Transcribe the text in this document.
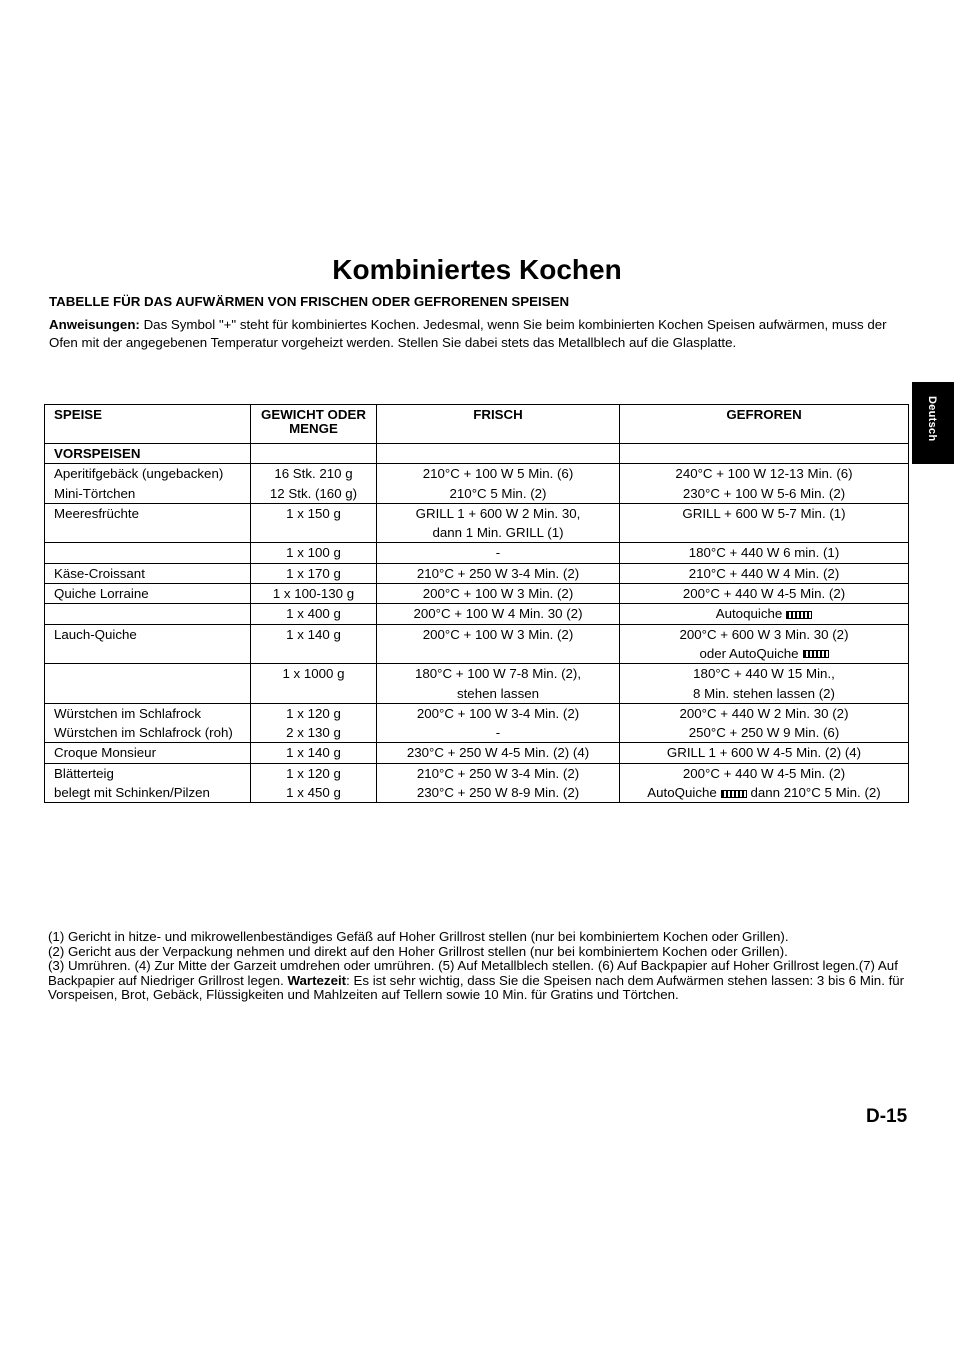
Kombiniertes Kochen
TABELLE FÜR DAS AUFWÄRMEN VON FRISCHEN ODER GEFRORENEN SPEISEN

Anweisungen: Das Symbol "+" steht für kombiniertes Kochen. Jedesmal, wenn Sie beim kombinierten Kochen Speisen aufwärmen, muss der Ofen mit der angegebenen Temperatur vorgeheizt werden. Stellen Sie dabei stets das Metallblech auf die Glasplatte.

Deutsch
SPEISE	GEWICHT ODER MENGE	FRISCH	GEFROREN
VORSPEISEN			
Aperitifgebäck (ungebacken)	16 Stk. 210 g	210°C + 100 W 5 Min. (6)	240°C + 100 W 12-13 Min. (6)
Mini-Törtchen	12 Stk. (160 g)	210°C 5 Min. (2)	230°C + 100 W 5-6 Min. (2)
Meeresfrüchte	1 x 150 g	GRILL 1 + 600 W 2 Min. 30,	GRILL + 600 W 5-7 Min. (1)
		dann 1 Min. GRILL (1)	
	1 x 100 g	-	180°C + 440 W 6 min. (1)
Käse-Croissant	1 x 170 g	210°C + 250 W 3-4 Min. (2)	210°C + 440 W 4 Min. (2)
Quiche Lorraine	1 x 100-130 g	200°C + 100 W 3 Min. (2)	200°C + 440 W 4-5 Min. (2)
	1 x 400 g	200°C + 100 W 4 Min. 30 (2)	Autoquiche
Lauch-Quiche	1 x 140 g	200°C + 100 W 3 Min. (2)	200°C + 600 W 3 Min. 30 (2)
			oder AutoQuiche
	1 x 1000 g	180°C + 100 W 7-8 Min. (2),	180°C + 440 W 15 Min.,
		stehen lassen	8 Min. stehen lassen (2)
Würstchen im Schlafrock	1 x 120 g	200°C + 100 W 3-4 Min. (2)	200°C + 440 W 2 Min. 30 (2)
Würstchen im Schlafrock (roh)	2 x 130 g	-	250°C + 250 W 9 Min. (6)
Croque Monsieur	1 x 140 g	230°C + 250 W 4-5 Min. (2) (4)	GRILL 1 + 600 W 4-5 Min. (2) (4)
Blätterteig	1 x 120 g	210°C + 250 W 3-4 Min. (2)	200°C + 440 W 4-5 Min. (2)
belegt mit Schinken/Pilzen	1 x 450 g	230°C + 250 W 8-9 Min. (2)	AutoQuiche dann 210°C 5 Min. (2)

(1) Gericht in hitze- und mikrowellenbeständiges Gefäß auf Hoher Grillrost stellen (nur bei kombiniertem Kochen oder Grillen).

(2) Gericht aus der Verpackung nehmen und direkt auf den Hoher Grillrost stellen (nur bei kombiniertem Kochen oder Grillen).

(3) Umrühren. (4) Zur Mitte der Garzeit umdrehen oder umrühren. (5) Auf Metallblech stellen. (6) Auf Backpapier auf Hoher Grillrost legen.(7) Auf Backpapier auf Niedriger Grillrost legen. Wartezeit: Es ist sehr wichtig, dass Sie die Speisen nach dem Aufwärmen stehen lassen: 3 bis 6 Min. für Vorspeisen, Brot, Gebäck, Flüssigkeiten und Mahlzeiten auf Tellern sowie 10 Min. für Gratins und Törtchen.

D-15
